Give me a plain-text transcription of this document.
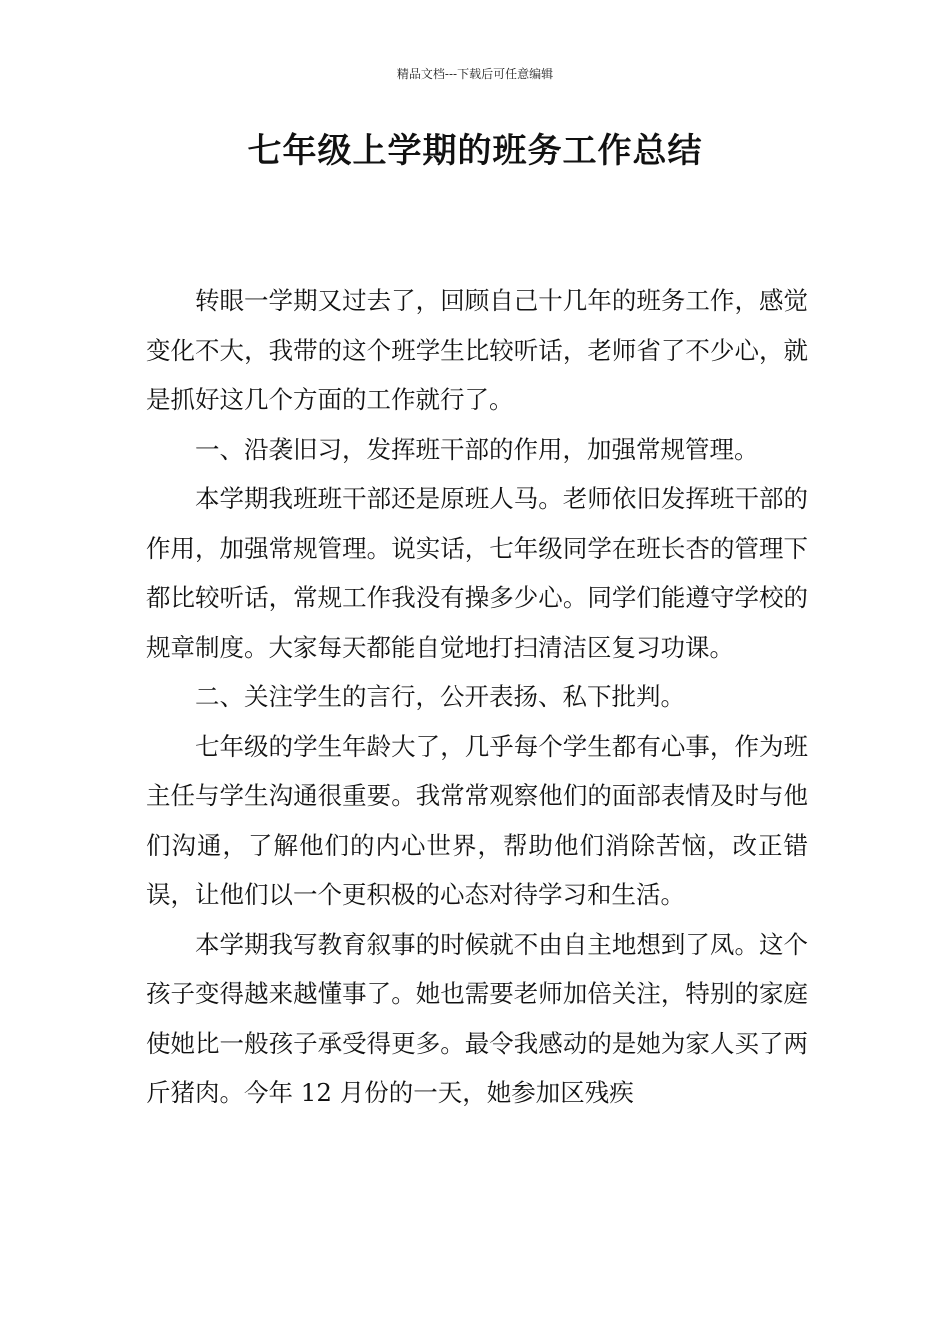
精品文档---下载后可任意编辑
七年级上学期的班务工作总结

转眼一学期又过去了，回顾自己十几年的班务工作，感觉变化不大，我带的这个班学生比较听话，老师省了不少心，就是抓好这几个方面的工作就行了。

一、沿袭旧习，发挥班干部的作用，加强常规管理。

本学期我班班干部还是原班人马。老师依旧发挥班干部的作用，加强常规管理。说实话，七年级同学在班长杏的管理下都比较听话，常规工作我没有操多少心。同学们能遵守学校的规章制度。大家每天都能自觉地打扫清洁区复习功课。

二、关注学生的言行，公开表扬、私下批判。

七年级的学生年龄大了，几乎每个学生都有心事，作为班主任与学生沟通很重要。我常常观察他们的面部表情及时与他们沟通，了解他们的内心世界，帮助他们消除苦恼，改正错误，让他们以一个更积极的心态对待学习和生活。

本学期我写教育叙事的时候就不由自主地想到了凤。这个孩子变得越来越懂事了。她也需要老师加倍关注，特别的家庭使她比一般孩子承受得更多。最令我感动的是她为家人买了两斤猪肉。今年 12 月份的一天，她参加区残疾
